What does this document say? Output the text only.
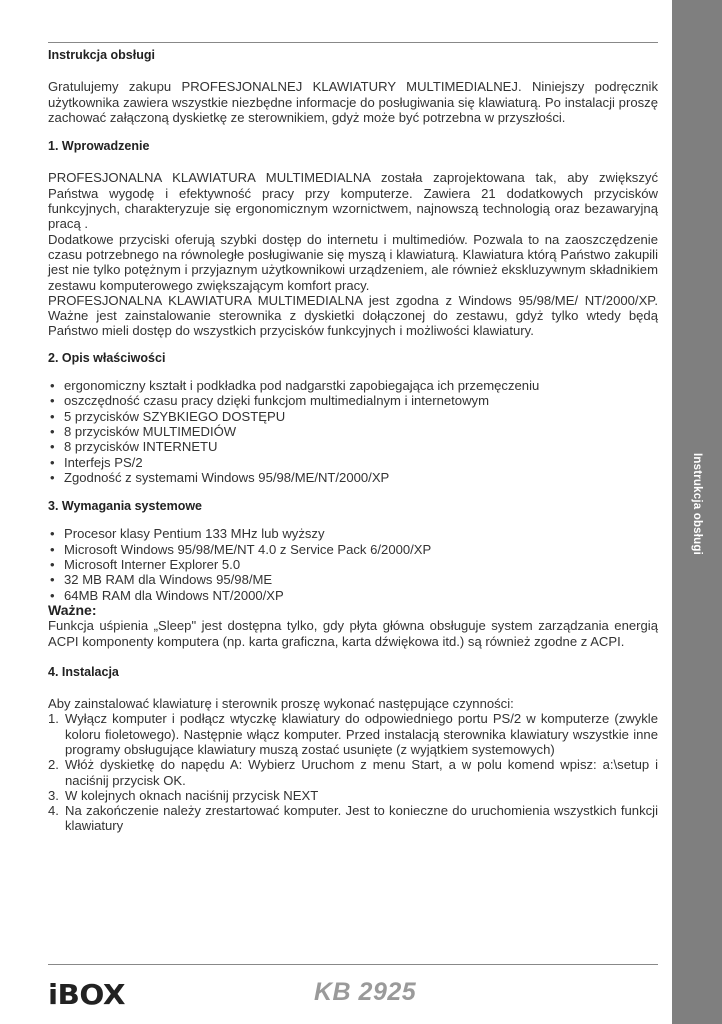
Instrukcja obsługi
Instrukcja obsługi

Gratulujemy zakupu PROFESJONALNEJ KLAWIATURY MULTIMEDIALNEJ. Niniejszy podręcznik użytkownika zawiera wszystkie niezbędne informacje do posługiwania się klawiaturą. Po instalacji proszę zachować załączoną dyskietkę ze sterownikiem, gdyż może być potrzebna w przyszłości.

1. Wprowadzenie

PROFESJONALNA KLAWIATURA MULTIMEDIALNA została zaprojektowana tak, aby zwiększyć Państwa wygodę i efektywność pracy przy komputerze. Zawiera 21 dodatkowych przycisków funkcyjnych, charakteryzuje się ergonomicznym wzornictwem, najnowszą technologią oraz bezawaryjną pracą .

Dodatkowe przyciski oferują szybki dostęp do internetu i multimediów. Pozwala to na zaoszczędzenie czasu potrzebnego na równoległe posługiwanie się myszą i klawiaturą. Klawiatura którą Państwo zakupili jest nie tylko potężnym i przyjaznym użytkownikowi urządzeniem, ale również ekskluzywnym składnikiem zestawu komputerowego zwiększającym komfort pracy.

PROFESJONALNA KLAWIATURA MULTIMEDIALNA jest zgodna z Windows 95/98/ME/ NT/2000/XP. Ważne jest zainstalowanie sterownika z dyskietki dołączonej do zestawu, gdyż tylko wtedy będą Państwo mieli dostęp do wszystkich przycisków funkcyjnych i możliwości klawiatury.

2. Opis właściwości
• ergonomiczny kształt i podkładka pod nadgarstki zapobiegająca ich przemęczeniu
• oszczędność czasu pracy dzięki funkcjom multimedialnym i internetowym
• 5 przycisków SZYBKIEGO DOSTĘPU
• 8 przycisków MULTIMEDIÓW
• 8 przycisków INTERNETU
• Interfejs PS/2
• Zgodność z systemami Windows 95/98/ME/NT/2000/XP
3. Wymagania systemowe
• Procesor klasy Pentium 133 MHz lub wyższy
• Microsoft Windows 95/98/ME/NT 4.0 z Service Pack 6/2000/XP
• Microsoft Interner Explorer 5.0
• 32 MB RAM dla Windows 95/98/ME
• 64MB RAM dla Windows NT/2000/XP
Ważne:

Funkcja uśpienia „Sleep" jest dostępna tylko, gdy płyta główna obsługuje system zarządzania energią ACPI komponenty komputera (np. karta graficzna, karta dźwiękowa itd.) są również zgodne z ACPI.

4. Instalacja

Aby zainstalować klawiaturę i sterownik proszę wykonać następujące czynności:

1. Wyłącz komputer i podłącz wtyczkę klawiatury do odpowiedniego portu PS/2 w komputerze (zwykle koloru fioletowego). Następnie włącz komputer. Przed instalacją sterownika klawiatury wszystkie inne programy obsługujące klawiatury muszą zostać usunięte (z wyjątkiem systemowych)
2. Włóż dyskietkę do napędu A: Wybierz Uruchom z menu Start, a w polu komend wpisz: a:\setup i naciśnij przycisk OK.
3. W kolejnych oknach naciśnij przycisk NEXT
4. Na zakończenie należy zrestartować komputer. Jest to konieczne do uruchomienia wszystkich funkcji klawiatury
iBOX	KB 2925
